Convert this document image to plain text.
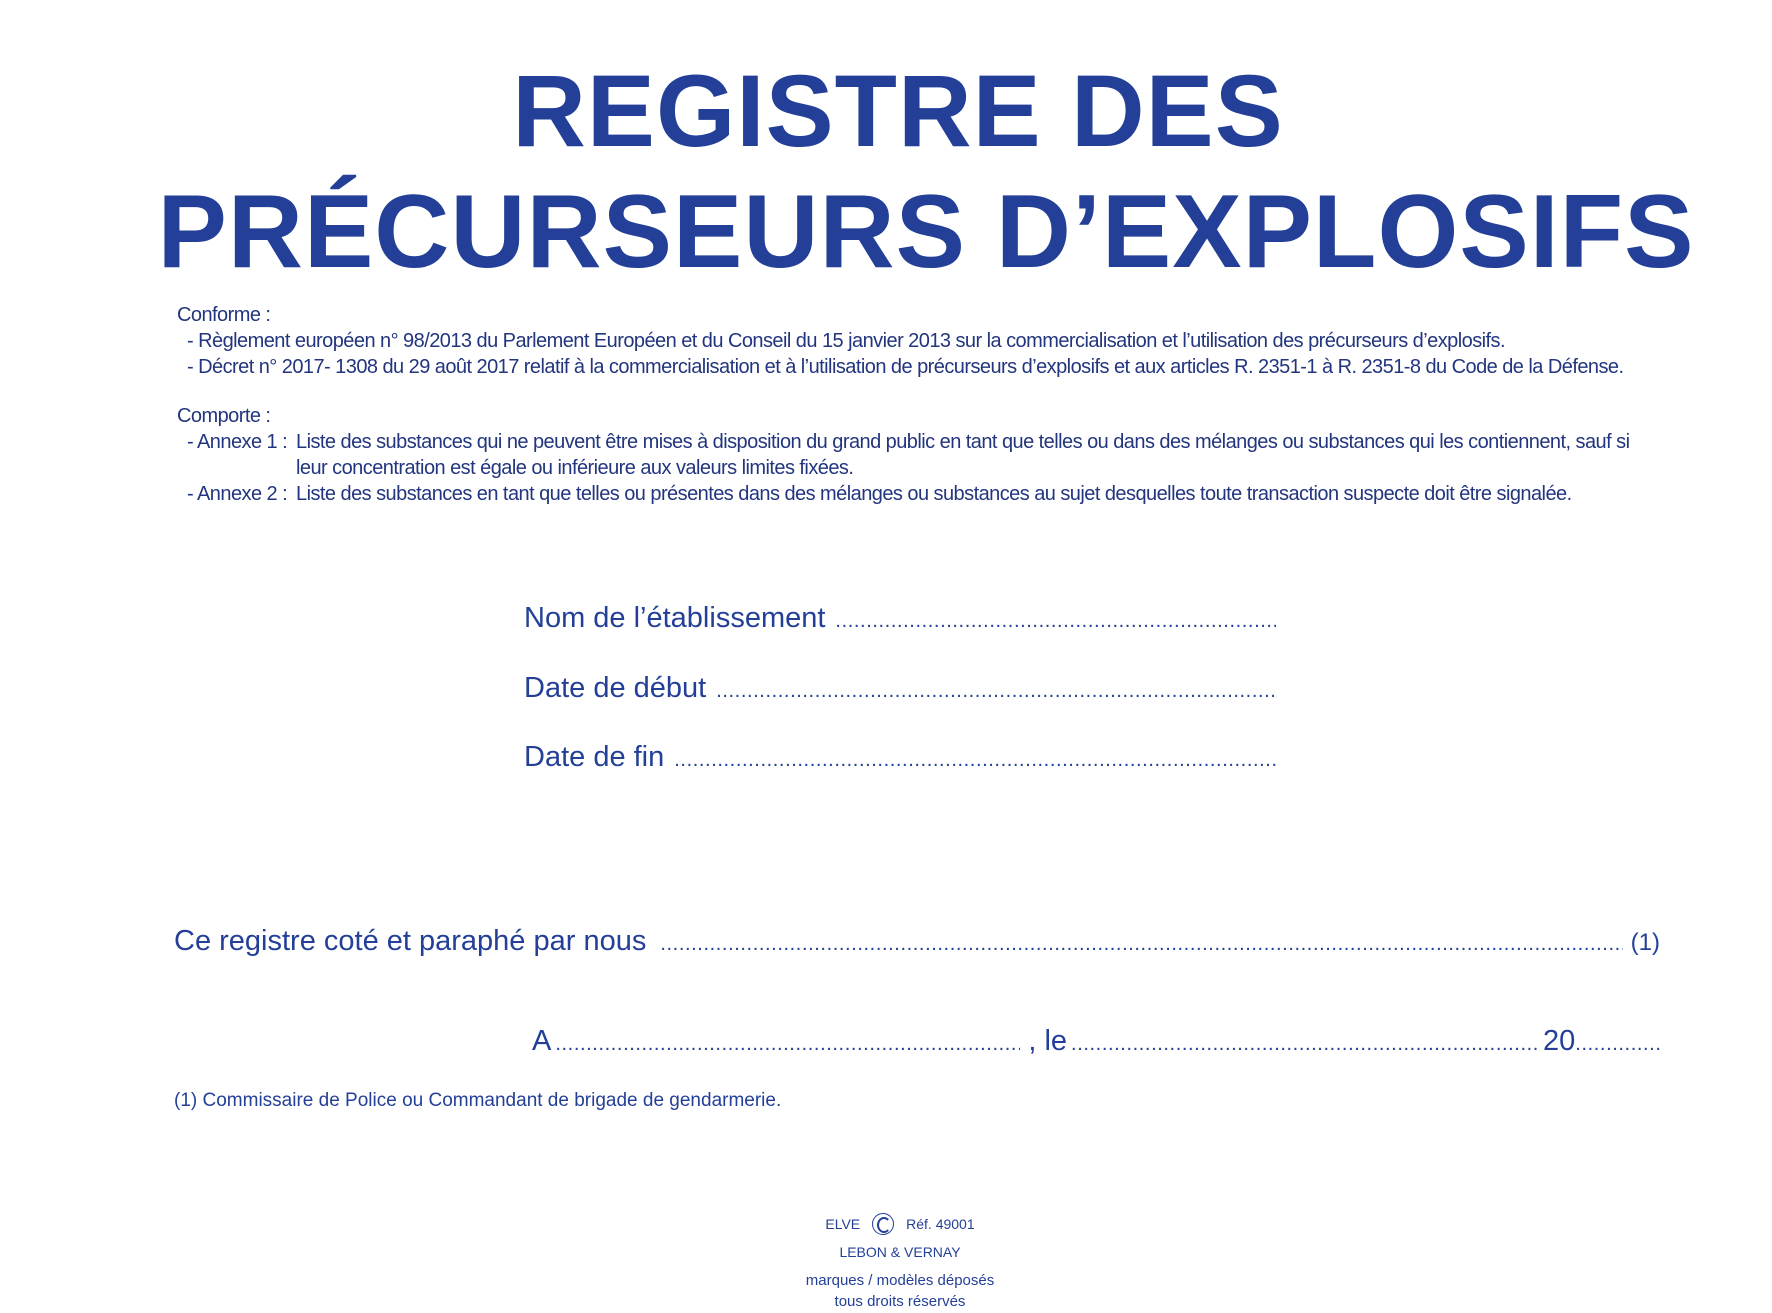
REGISTRE DES
PRÉCURSEURS D’EXPLOSIFS
Conforme :
- Règlement européen n° 98/2013 du Parlement Européen et du Conseil du 15 janvier 2013 sur la commercialisation et l’utilisation des précurseurs d’explosifs.
- Décret n° 2017- 1308 du 29 août 2017 relatif à la commercialisation et à l’utilisation de précurseurs d’explosifs et aux articles R. 2351-1 à R. 2351-8 du Code de la Défense.
Comporte :
- Annexe 1 : Liste des substances qui ne peuvent être mises à disposition du grand public en tant que telles ou dans des mélanges ou substances qui les contiennent, sauf si leur concentration est égale ou inférieure aux valeurs limites fixées.
- Annexe 2 : Liste des substances en tant que telles ou présentes dans des mélanges ou substances au sujet desquelles toute transaction suspecte doit être signalée.
Nom de l’établissement
.....
Date de début
.....
Date de fin
.....
Ce registre coté et paraphé par nous .....	(1)
A .....	, le .....	20
.....
(1) Commissaire de Police ou Commandant de brigade de gendarmerie.
ELVE	Réf. 49001
LEBON & VERNAY
marques / modèles déposés
tous droits réservés
